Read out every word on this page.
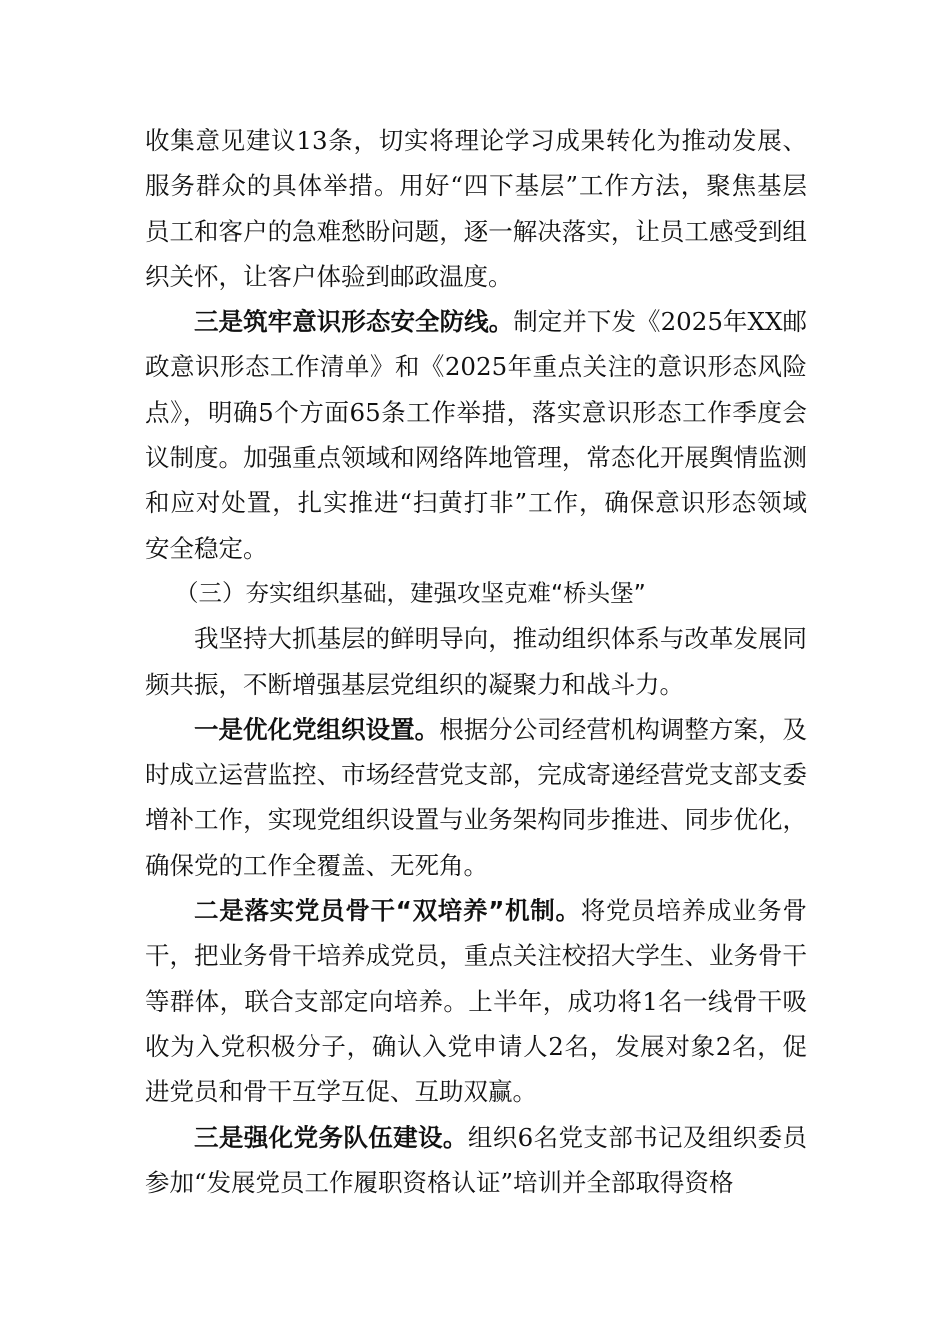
收集意见建议13条，切实将理论学习成果转化为推动发展、服务群众的具体举措。用好“四下基层”工作方法，聚焦基层员工和客户的急难愁盼问题，逐一解决落实，让员工感受到组织关怀，让客户体验到邮政温度。

三是筑牢意识形态安全防线。制定并下发《2025年XX邮政意识形态工作清单》和《2025年重点关注的意识形态风险点》，明确5个方面65条工作举措，落实意识形态工作季度会议制度。加强重点领域和网络阵地管理，常态化开展舆情监测和应对处置，扎实推进“扫黄打非”工作，确保意识形态领域安全稳定。

（三）夯实组织基础，建强攻坚克难“桥头堡”

我坚持大抓基层的鲜明导向，推动组织体系与改革发展同频共振，不断增强基层党组织的凝聚力和战斗力。

一是优化党组织设置。根据分公司经营机构调整方案，及时成立运营监控、市场经营党支部，完成寄递经营党支部支委增补工作，实现党组织设置与业务架构同步推进、同步优化，确保党的工作全覆盖、无死角。

二是落实党员骨干“双培养”机制。将党员培养成业务骨干，把业务骨干培养成党员，重点关注校招大学生、业务骨干等群体，联合支部定向培养。上半年，成功将1名一线骨干吸收为入党积极分子，确认入党申请人2名，发展对象2名，促进党员和骨干互学互促、互助双赢。

三是强化党务队伍建设。组织6名党支部书记及组织委员参加“发展党员工作履职资格认证”培训并全部取得资格
